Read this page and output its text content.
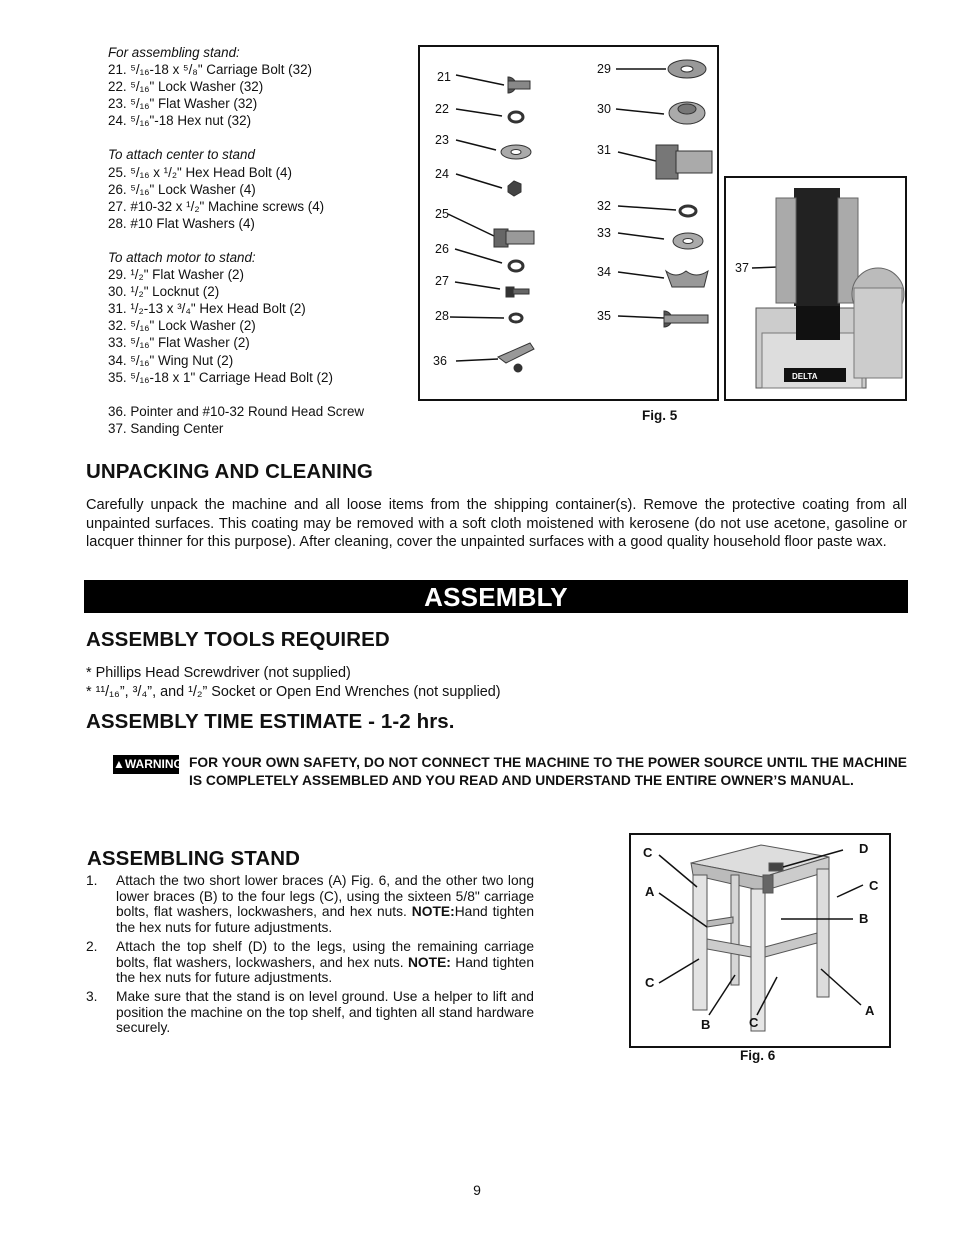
For assembling stand:
21. ⁵/₁₆-18 x ⁵/₈" Carriage Bolt (32)
22. ⁵/₁₆" Lock Washer (32)
23. ⁵/₁₆" Flat Washer (32)
24. ⁵/₁₆"-18 Hex nut (32)
To attach center to stand
25. ⁵/₁₆ x ¹/₂" Hex Head Bolt (4)
26. ⁵/₁₆" Lock Washer (4)
27. #10-32 x ¹/₂" Machine screws (4)
28. #10 Flat Washers (4)
To attach motor to stand:
29. ¹/₂" Flat Washer (2)
30. ¹/₂" Locknut (2)
31. ¹/₂-13 x ³/₄" Hex Head Bolt (2)
32. ⁵/₁₆" Lock Washer (2)
33. ⁵/₁₆" Flat Washer (2)
34. ⁵/₁₆" Wing Nut (2)
35. ⁵/₁₆-18 x 1" Carriage Head Bolt (2)
36. Pointer and #10-32 Round Head Screw
37. Sanding Center
21
22
23
24
25
26
27
28
36
29
30
31
32
33
34
35
37
DELTA
Fig. 5
UNPACKING AND CLEANING
Carefully unpack the machine and all loose items from the shipping container(s). Remove the protective coating from all unpainted surfaces. This coating may be removed with a soft cloth moistened with kerosene (do not use acetone, gasoline or lacquer thinner for this purpose). After cleaning, cover the unpainted surfaces with a good quality household floor paste wax.
ASSEMBLY
ASSEMBLY TOOLS REQUIRED
* Phillips Head Screwdriver (not supplied)
* ¹¹/₁₆”, ³/₄”, and ¹/₂” Socket or Open End Wrenches (not supplied)
ASSEMBLY TIME ESTIMATE - 1-2 hrs.
▲WARNING FOR YOUR OWN SAFETY, DO NOT CONNECT THE MACHINE TO THE POWER SOURCE UNTIL THE MACHINE IS COMPLETELY ASSEMBLED AND YOU READ AND UNDERSTAND THE ENTIRE OWNER’S MANUAL.
ASSEMBLING STAND
1. Attach the two short lower braces (A) Fig. 6, and the other two long lower braces (B) to the four legs (C), using the sixteen 5/8" carriage bolts, flat washers, lockwashers, and hex nuts. NOTE:Hand tighten the hex nuts for future adjustments.
2. Attach the top shelf (D) to the legs, using the remaining carriage bolts, flat washers, lockwashers, and hex nuts. NOTE: Hand tighten the hex nuts for future adjustments.
3. Make sure that the stand is on level ground. Use a helper to lift and position the machine on the top shelf, and tighten all stand hardware securely.
C	D
A	C
B
C
A
B	C
Fig. 6
9
